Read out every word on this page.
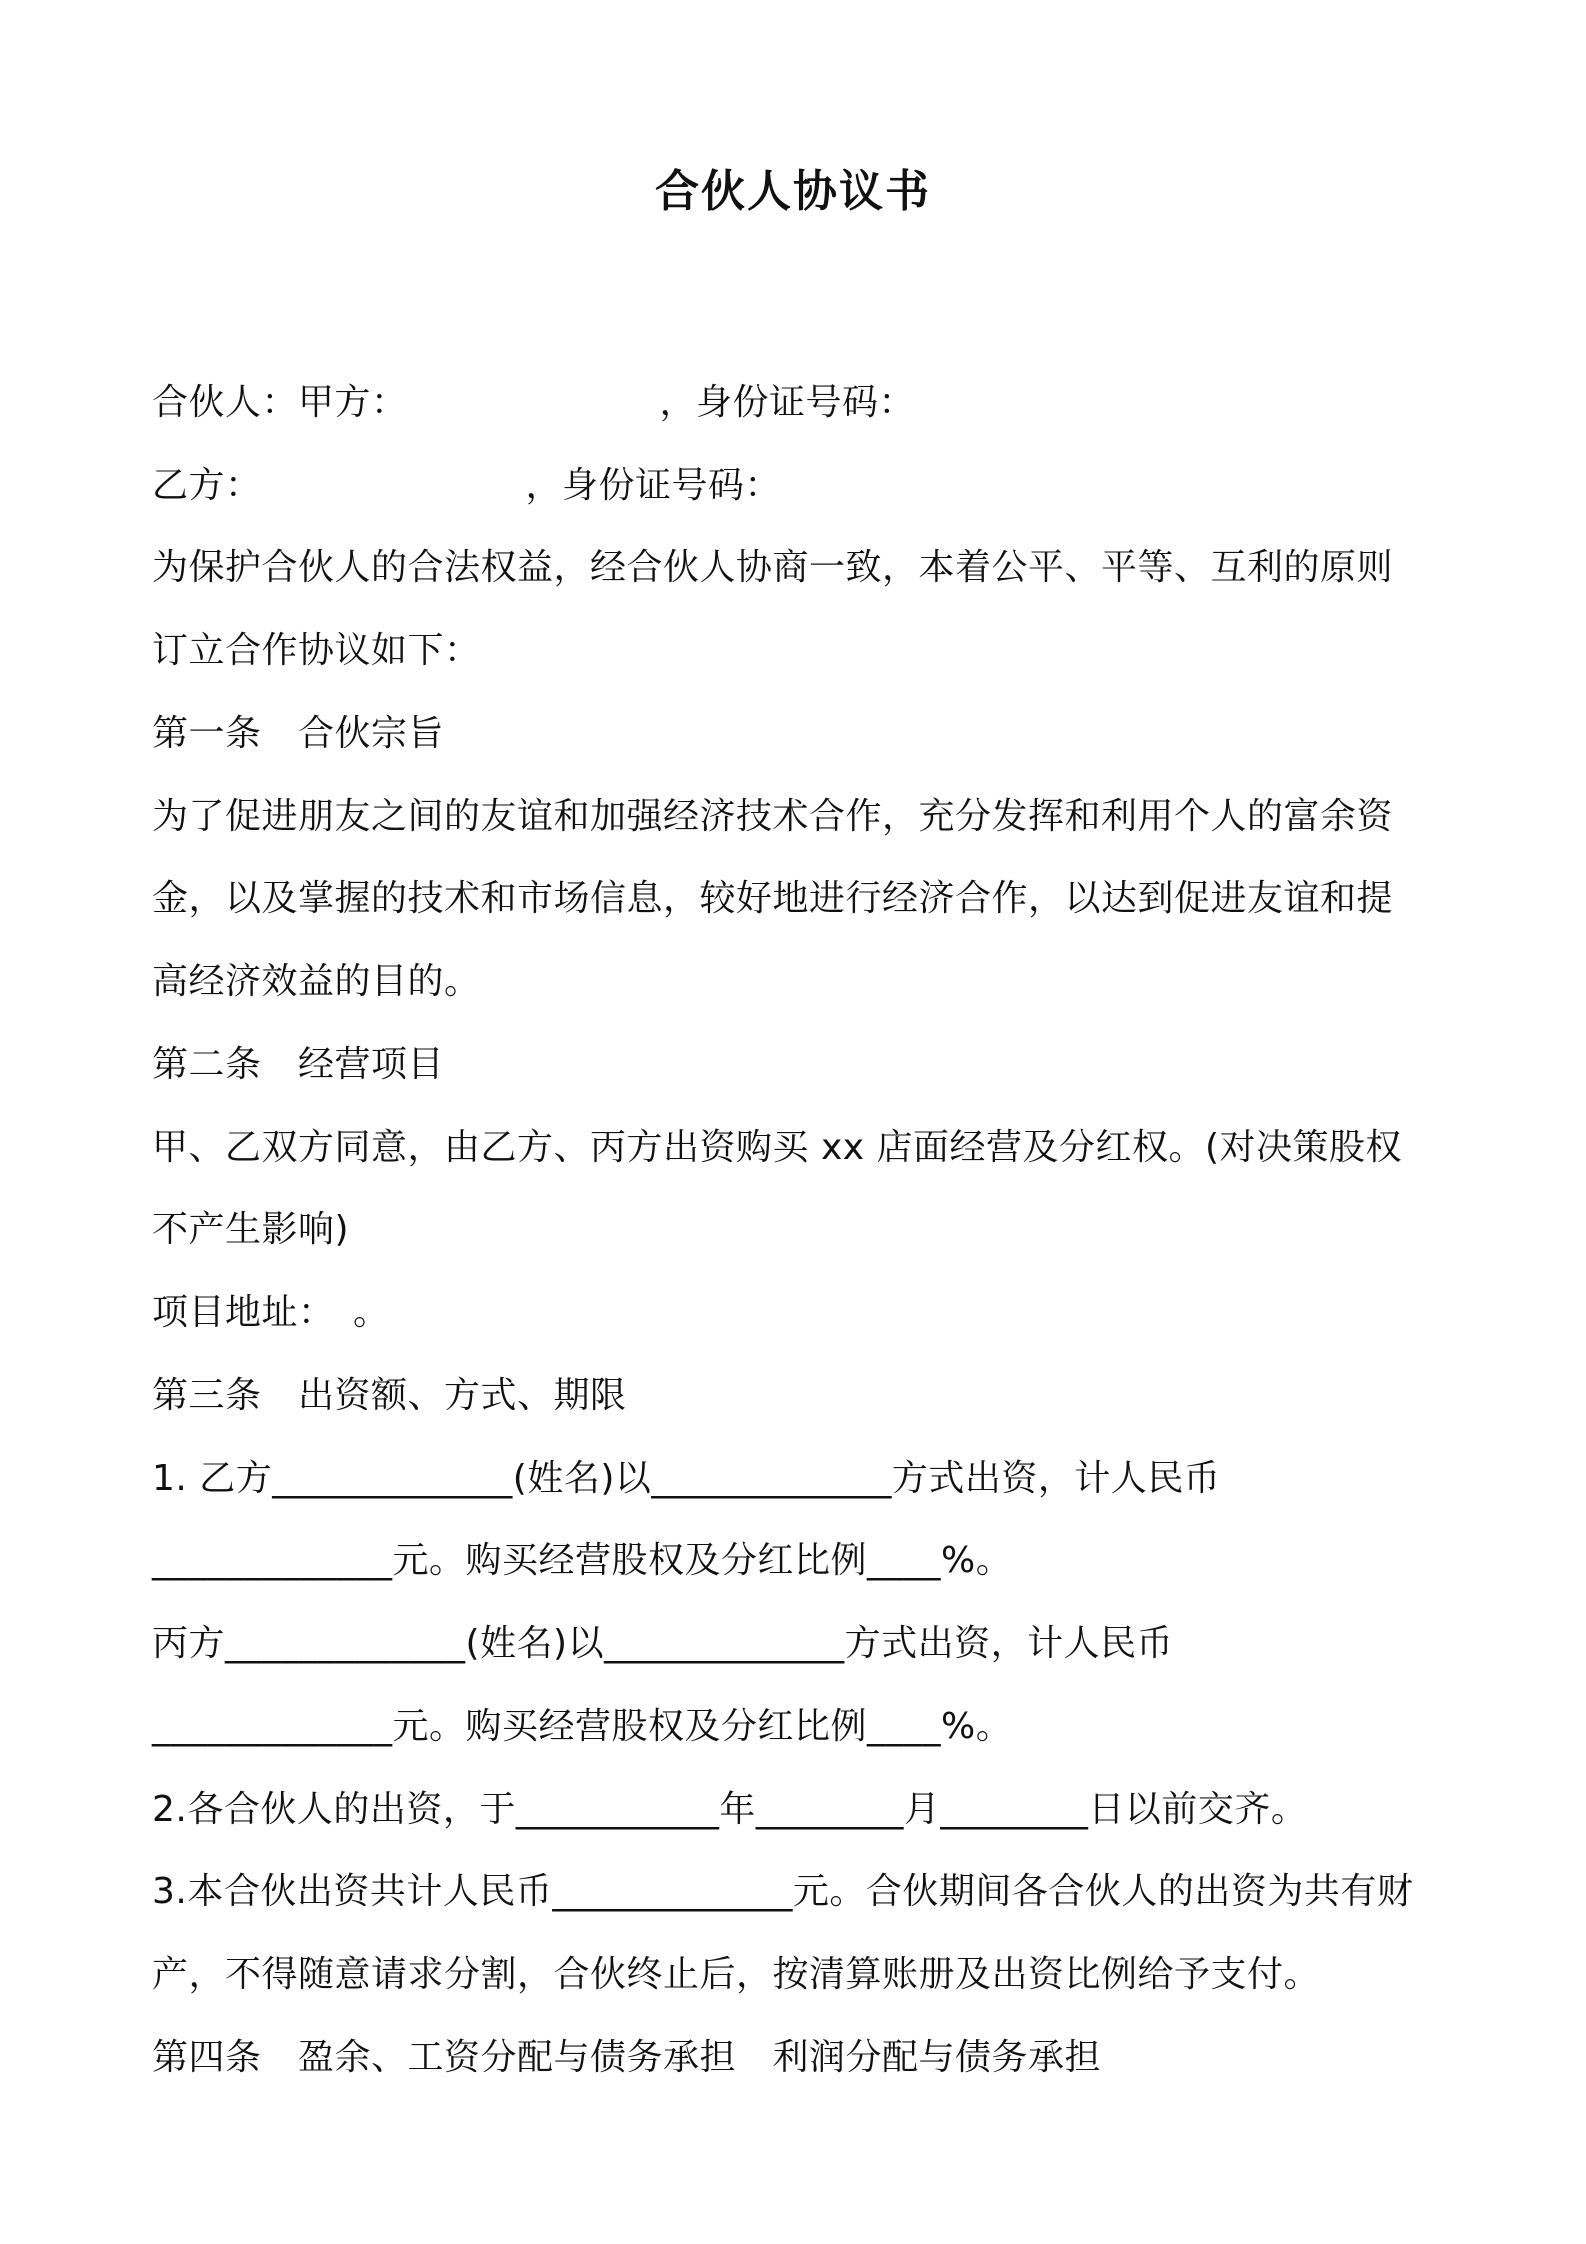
合伙人协议书
合伙人：甲方：	，身份证号码：
乙方：	，身份证号码：
为保护合伙人的合法权益，经合伙人协商一致，本着公平、平等、互利的原则
订立合作协议如下：
第一条　合伙宗旨
为了促进朋友之间的友谊和加强经济技术合作，充分发挥和利用个人的富余资
金，以及掌握的技术和市场信息，较好地进行经济合作，以达到促进友谊和提
高经济效益的目的。
第二条　经营项目
甲、乙双方同意，由乙方、丙方出资购买 xx 店面经营及分红权。(对决策股权
不产生影响)
项目地址：　。
第三条　出资额、方式、期限
1. 乙方_____________(姓名)以_____________方式出资，计人民币
_____________元。购买经营股权及分红比例____%。
丙方_____________(姓名)以_____________方式出资，计人民币
_____________元。购买经营股权及分红比例____%。
2.各合伙人的出资，于___________年________月________日以前交齐。
3.本合伙出资共计人民币_____________元。合伙期间各合伙人的出资为共有财
产，不得随意请求分割，合伙终止后，按清算账册及出资比例给予支付。
第四条　盈余、工资分配与债务承担　利润分配与债务承担
